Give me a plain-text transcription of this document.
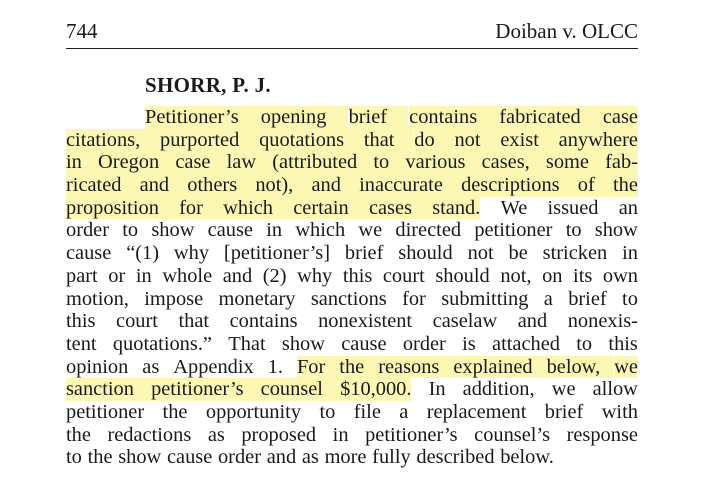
744	Doiban v. OLCC
SHORR, P. J.
Petitioner’s	opening	brief	contains	fabricated	case
citations, purported quotations that do not exist anywhere
in Oregon case law (attributed to various cases, some fab-
ricated and others not), and inaccurate descriptions of the
proposition for which certain cases stand. We issued an
order to show cause in which we directed petitioner to show
cause “(1) why [petitioner’s] brief should not be stricken in
part or in whole and (2) why this court should not, on its own
motion, impose monetary sanctions for submitting a brief to
this court that contains nonexistent caselaw and nonexis-
tent quotations.” That show cause order is attached to this
opinion as Appendix 1. For the reasons explained below, we
sanction petitioner’s counsel $10,000. In addition, we allow
petitioner the opportunity to file a replacement brief with
the redactions as proposed in petitioner’s counsel’s response
to the show cause order and as more fully described below.
